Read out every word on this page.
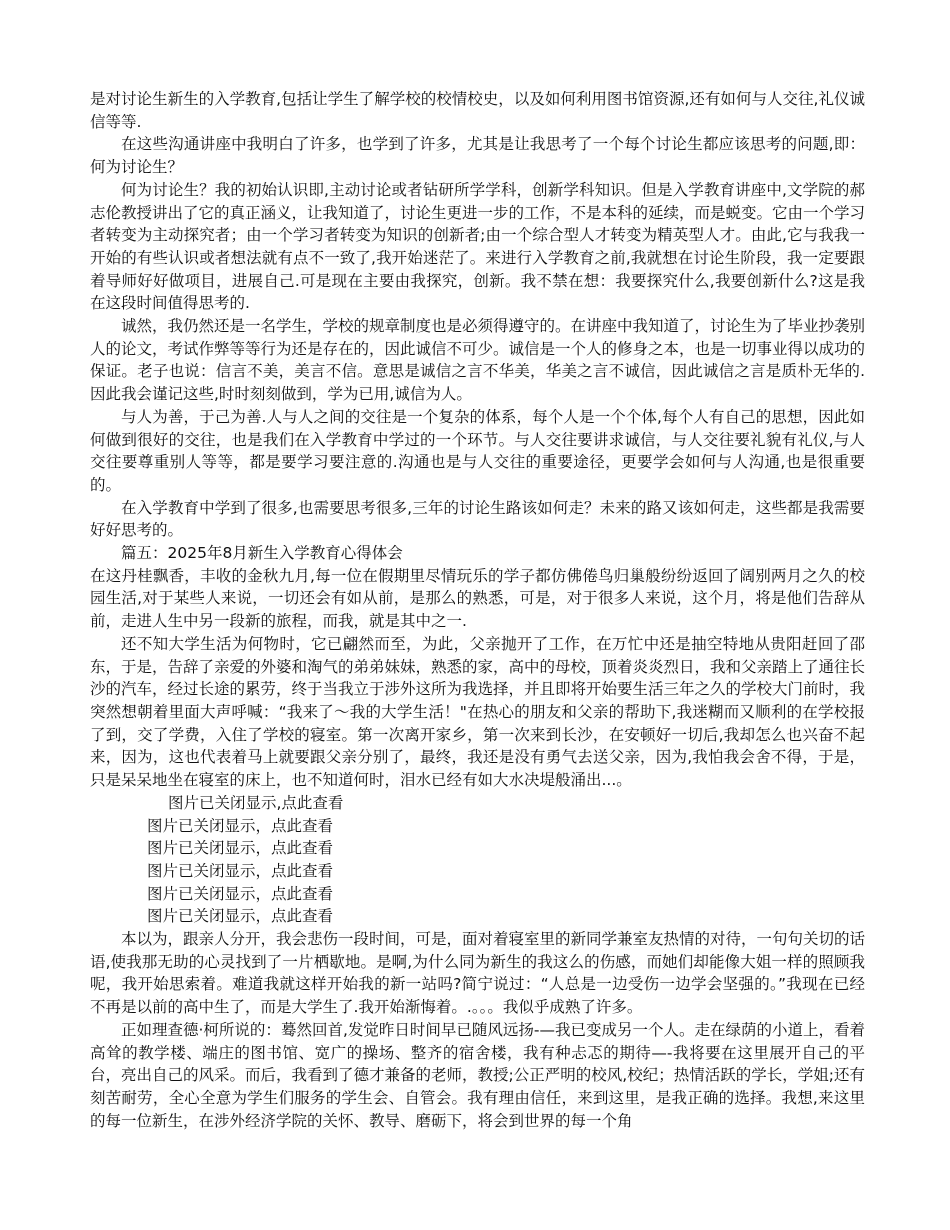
是对讨论生新生的入学教育,包括让学生了解学校的校情校史，以及如何利用图书馆资源,还有如何与人交往,礼仪诚信等等.

在这些沟通讲座中我明白了许多，也学到了许多，尤其是让我思考了一个每个讨论生都应该思考的问题,即：何为讨论生？

何为讨论生？我的初始认识即,主动讨论或者钻研所学学科，创新学科知识。但是入学教育讲座中,文学院的郝志伦教授讲出了它的真正涵义，让我知道了，讨论生更进一步的工作，不是本科的延续，而是蜕变。它由一个学习者转变为主动探究者；由一个学习者转变为知识的创新者;由一个综合型人才转变为精英型人才。由此,它与我我一开始的有些认识或者想法就有点不一致了,我开始迷茫了。来进行入学教育之前,我就想在讨论生阶段，我一定要跟着导师好好做项目，进展自己.可是现在主要由我探究，创新。我不禁在想：我要探究什么,我要创新什么?这是我在这段时间值得思考的.

诚然，我仍然还是一名学生，学校的规章制度也是必须得遵守的。在讲座中我知道了，讨论生为了毕业抄袭别人的论文，考试作弊等等行为还是存在的，因此诚信不可少。诚信是一个人的修身之本，也是一切事业得以成功的保证。老子也说：信言不美，美言不信。意思是诚信之言不华美，华美之言不诚信，因此诚信之言是质朴无华的.因此我会谨记这些,时时刻刻做到，学为已用,诚信为人。

与人为善，于己为善.人与人之间的交往是一个复杂的体系，每个人是一个个体,每个人有自己的思想，因此如何做到很好的交往，也是我们在入学教育中学过的一个环节。与人交往要讲求诚信，与人交往要礼貌有礼仪,与人交往要尊重别人等等，都是要学习要注意的.沟通也是与人交往的重要途径，更要学会如何与人沟通,也是很重要的。

在入学教育中学到了很多,也需要思考很多,三年的讨论生路该如何走？未来的路又该如何走，这些都是我需要好好思考的。

篇五：2025年8月新生入学教育心得体会

在这丹桂飘香，丰收的金秋九月,每一位在假期里尽情玩乐的学子都仿佛倦鸟归巢般纷纷返回了阔别两月之久的校园生活,对于某些人来说，一切还会有如从前，是那么的熟悉，可是，对于很多人来说，这个月，将是他们告辞从前，走进人生中另一段新的旅程，而我，就是其中之一.

还不知大学生活为何物时，它已翩然而至，为此，父亲抛开了工作，在万忙中还是抽空特地从贵阳赶回了邵东，于是，告辞了亲爱的外婆和淘气的弟弟妹妹，熟悉的家，高中的母校，顶着炎炎烈日，我和父亲踏上了通往长沙的汽车，经过长途的累劳，终于当我立于涉外这所为我选择，并且即将开始要生活三年之久的学校大门前时，我突然想朝着里面大声呼喊：“我来了～我的大学生活！"在热心的朋友和父亲的帮助下,我迷糊而又顺利的在学校报了到，交了学费，入住了学校的寝室。第一次离开家乡，第一次来到长沙，在安顿好一切后,我却怎么也兴奋不起来，因为，这也代表着马上就要跟父亲分别了，最终，我还是没有勇气去送父亲，因为,我怕我会舍不得，于是，只是呆呆地坐在寝室的床上，也不知道何时，泪水已经有如大水决堤般涌出...。

图片已关闭显示,点此查看

图片已关闭显示，点此查看

图片已关闭显示，点此查看

图片已关闭显示，点此查看

图片已关闭显示，点此查看

图片已关闭显示，点此查看

本以为，跟亲人分开，我会悲伤一段时间，可是，面对着寝室里的新同学兼室友热情的对待，一句句关切的话语,使我那无助的心灵找到了一片栖歇地。是啊,为什么同为新生的我这么的伤感，而她们却能像大姐一样的照顾我呢，我开始思索着。难道我就这样开始我的新一站吗?简宁说过：“人总是一边受伤一边学会坚强的。”我现在已经不再是以前的高中生了，而是大学生了.我开始渐悔着。.。。。我似乎成熟了许多。

正如理查德·柯所说的：蓦然回首,发觉昨日时间早已随风远扬-—我已变成另一个人。走在绿荫的小道上，看着高耸的教学楼、端庄的图书馆、宽广的操场、整齐的宿舍楼，我有种忐忑的期待—-我将要在这里展开自己的平台，亮出自己的风采。而后，我看到了德才兼备的老师，教授;公正严明的校风,校纪；热情活跃的学长，学姐;还有刻苦耐劳，全心全意为学生们服务的学生会、自管会。我有理由信任，来到这里，是我正确的选择。我想,来这里的每一位新生，在涉外经济学院的关怀、教导、磨砺下，将会到世界的每一个角
